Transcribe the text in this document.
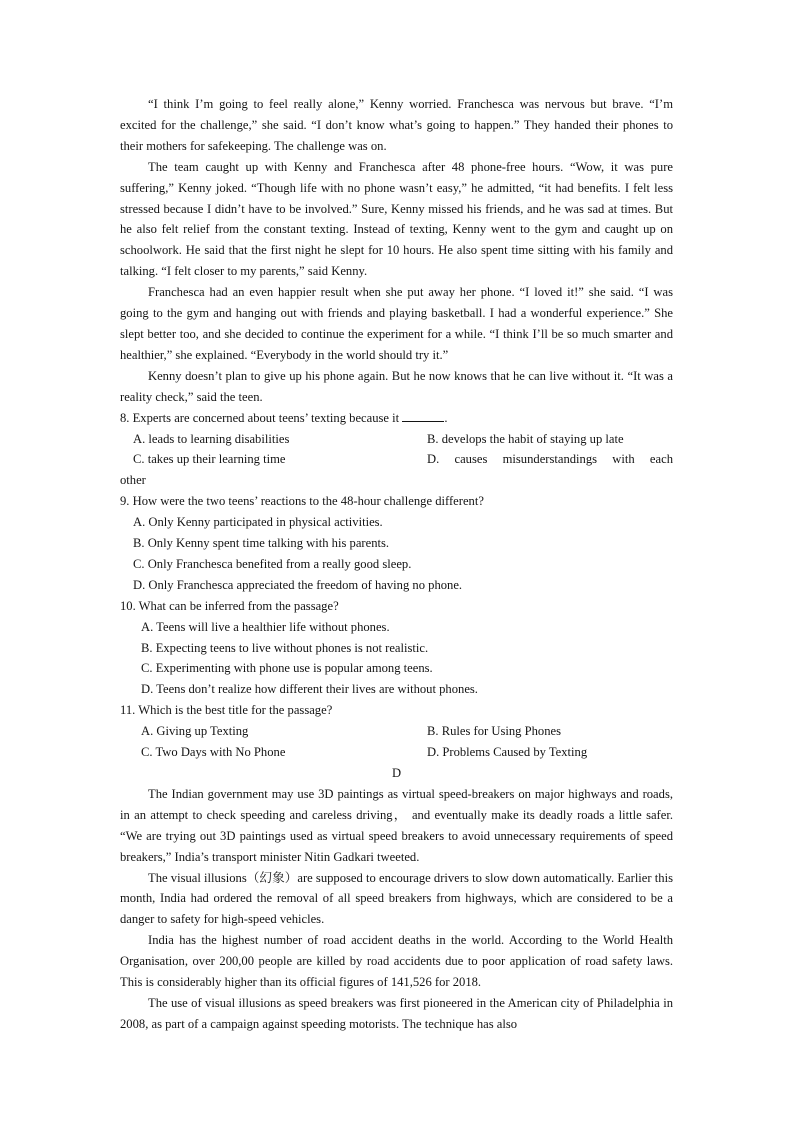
“I think I’m going to feel really alone,” Kenny worried. Franchesca was nervous but brave. “I’m excited for the challenge,” she said. “I don’t know what’s going to happen.” They handed their phones to their mothers for safekeeping. The challenge was on.

The team caught up with Kenny and Franchesca after 48 phone-free hours. “Wow, it was pure suffering,” Kenny joked. “Though life with no phone wasn’t easy,” he admitted, “it had benefits. I felt less stressed because I didn’t have to be involved.” Sure, Kenny missed his friends, and he was sad at times. But he also felt relief from the constant texting. Instead of texting, Kenny went to the gym and caught up on schoolwork. He said that the first night he slept for 10 hours. He also spent time sitting with his family and talking. “I felt closer to my parents,” said Kenny.

Franchesca had an even happier result when she put away her phone. “I loved it!” she said. “I was going to the gym and hanging out with friends and playing basketball. I had a wonderful experience.” She slept better too, and she decided to continue the experiment for a while. “I think I’ll be so much smarter and healthier,” she explained. “Everybody in the world should try it.”

Kenny doesn’t plan to give up his phone again. But he now knows that he can live without it. “It was a reality check,” said the teen.

8. Experts are concerned about teens’ texting because it	.

A. leads to learning disabilities	B. develops the habit of staying up late
C. takes up their learning time	D. causes misunderstandings with each

other

9. How were the two teens’ reactions to the 48-hour challenge different?

A. Only Kenny participated in physical activities.

B. Only Kenny spent time talking with his parents.

C. Only Franchesca benefited from a really good sleep.

D. Only Franchesca appreciated the freedom of having no phone.

10. What can be inferred from the passage?

A. Teens will live a healthier life without phones.

B. Expecting teens to live without phones is not realistic.

C. Experimenting with phone use is popular among teens.

D. Teens don’t realize how different their lives are without phones.

11. Which is the best title for the passage?

A. Giving up Texting	B. Rules for Using Phones
C. Two Days with No Phone	D. Problems Caused by Texting

D

The Indian government may use 3D paintings as virtual speed-breakers on major highways and roads, in an attempt to check speeding and careless driving， and eventually make its deadly roads a little safer. “We are trying out 3D paintings used as virtual speed breakers to avoid unnecessary requirements of speed breakers,” India’s transport minister Nitin Gadkari tweeted.

The visual illusions（幻象）are supposed to encourage drivers to slow down automatically. Earlier this month, India had ordered the removal of all speed breakers from highways, which are considered to be a danger to safety for high-speed vehicles.

India has the highest number of road accident deaths in the world. According to the World Health Organisation, over 200,00 people are killed by road accidents due to poor application of road safety laws. This is considerably higher than its official figures of 141,526 for 2018.

The use of visual illusions as speed breakers was first pioneered in the American city of Philadelphia in 2008, as part of a campaign against speeding motorists. The technique has also
